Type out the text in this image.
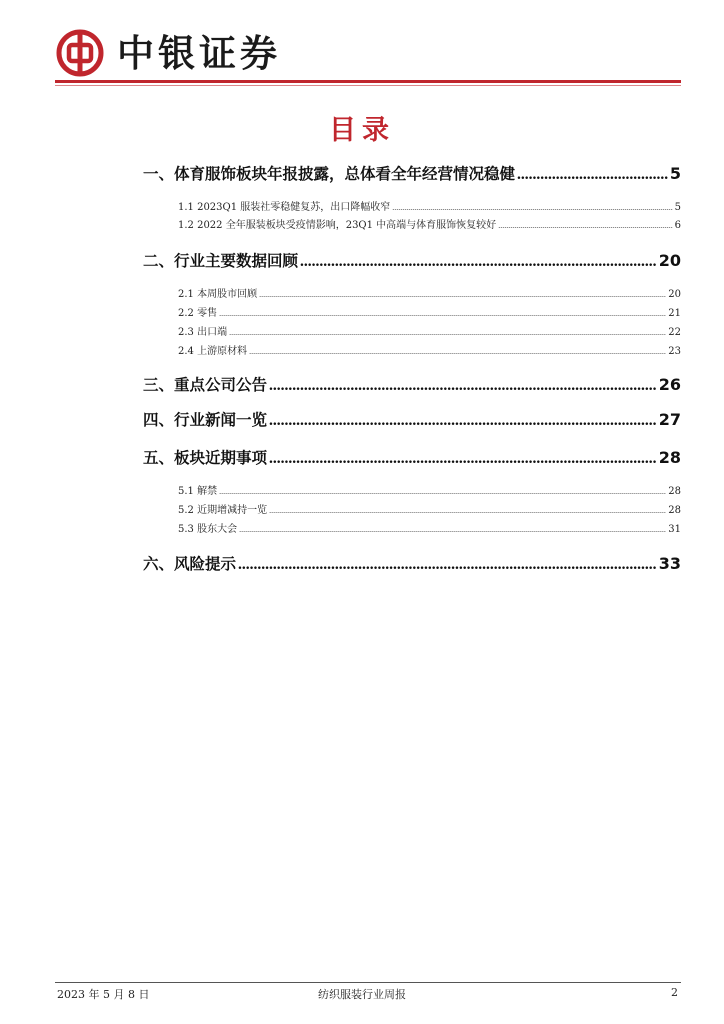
中银证券
目录
一、体育服饰板块年报披露，总体看全年经营情况稳健 .....	5
1.1 2023Q1 服装社零稳健复苏，出口降幅收窄 .....	5
1.2 2022 全年服装板块受疫情影响，23Q1 中高端与体育服饰恢复较好 .....	6
二、行业主要数据回顾 .....	20
2.1 本周股市回顾 .....	20
2.2 零售 .....	21
2.3 出口端 .....	22
2.4 上游原材料 .....	23
三、重点公司公告 .....	26
四、行业新闻一览 .....	27
五、板块近期事项 .....	28
5.1 解禁 .....	28
5.2 近期增减持一览 .....	28
5.3 股东大会 .....	31
六、风险提示 .....	33
2023 年 5 月 8 日	纺织服装行业周报	2
